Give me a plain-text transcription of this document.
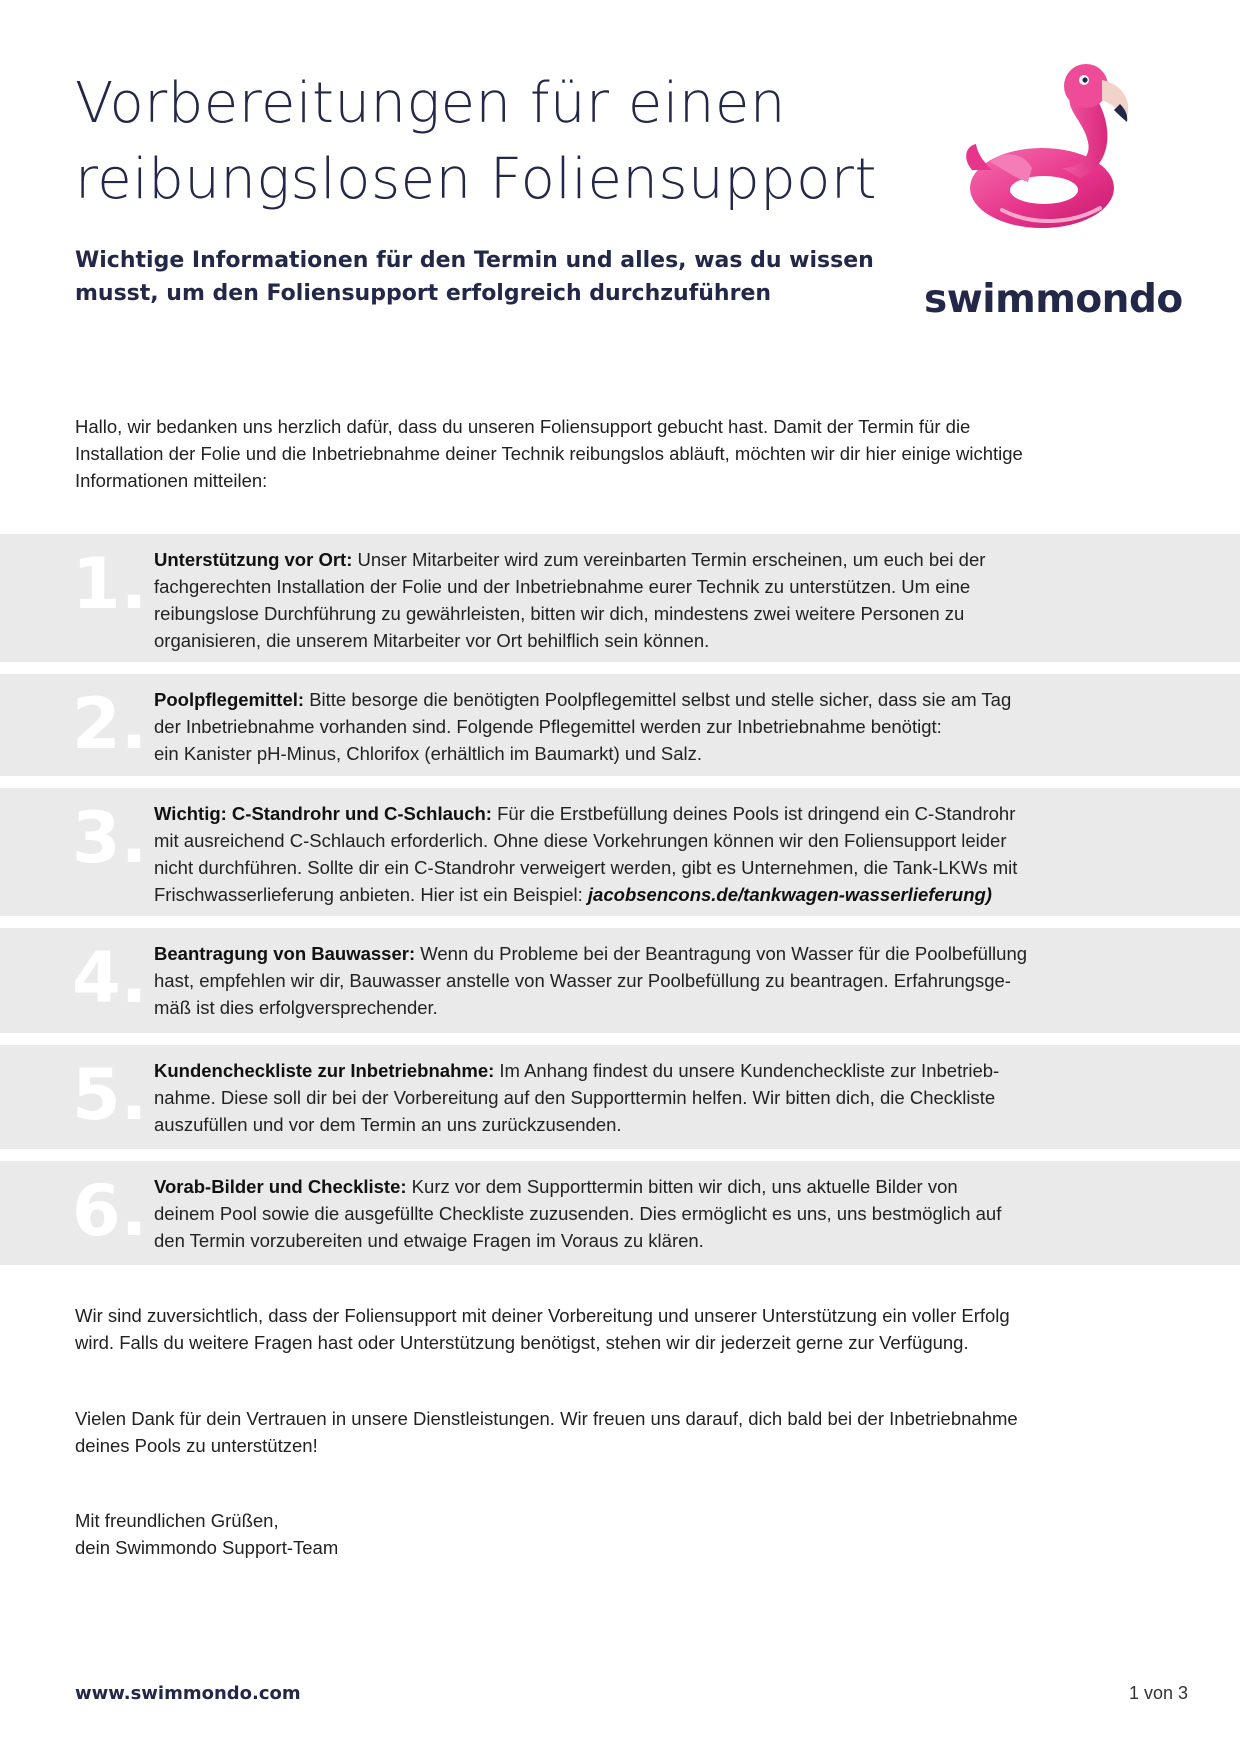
Vorbereitungen für einen
reibungslosen Foliensupport
Wichtige Informationen für den Termin und alles, was du wissen
musst, um den Foliensupport erfolgreich durchzuführen	swimmondo
Hallo, wir bedanken uns herzlich dafür, dass du unseren Foliensupport gebucht hast. Damit der Termin für die
Installation der Folie und die Inbetriebnahme deiner Technik reibungslos abläuft, möchten wir dir hier einige wichtige
Informationen mitteilen:
1. Unterstützung vor Ort: Unser Mitarbeiter wird zum vereinbarten Termin erscheinen, um euch bei der
fachgerechten Installation der Folie und der Inbetriebnahme eurer Technik zu unterstützen. Um eine
reibungslose Durchführung zu gewährleisten, bitten wir dich, mindestens zwei weitere Personen zu
organisieren, die unserem Mitarbeiter vor Ort behilflich sein können.
2. Poolpflegemittel: Bitte besorge die benötigten Poolpflegemittel selbst und stelle sicher, dass sie am Tag
der Inbetriebnahme vorhanden sind. Folgende Pflegemittel werden zur Inbetriebnahme benötigt:
ein Kanister pH-Minus, Chlorifox (erhältlich im Baumarkt) und Salz.
3. Wichtig: C-Standrohr und C-Schlauch: Für die Erstbefüllung deines Pools ist dringend ein C-Standrohr
mit ausreichend C-Schlauch erforderlich. Ohne diese Vorkehrungen können wir den Foliensupport leider
nicht durchführen. Sollte dir ein C-Standrohr verweigert werden, gibt es Unternehmen, die Tank-LKWs mit
Frischwasserlieferung anbieten. Hier ist ein Beispiel: jacobsencons.de/tankwagen-wasserlieferung)
4. Beantragung von Bauwasser: Wenn du Probleme bei der Beantragung von Wasser für die Poolbefüllung
hast, empfehlen wir dir, Bauwasser anstelle von Wasser zur Poolbefüllung zu beantragen. Erfahrungsge-
mäß ist dies erfolgversprechender.
5. Kundencheckliste zur Inbetriebnahme: Im Anhang findest du unsere Kundencheckliste zur Inbetrieb-
nahme. Diese soll dir bei der Vorbereitung auf den Supporttermin helfen. Wir bitten dich, die Checkliste
auszufüllen und vor dem Termin an uns zurückzusenden.
6. Vorab-Bilder und Checkliste: Kurz vor dem Supporttermin bitten wir dich, uns aktuelle Bilder von
deinem Pool sowie die ausgefüllte Checkliste zuzusenden. Dies ermöglicht es uns, uns bestmöglich auf
den Termin vorzubereiten und etwaige Fragen im Voraus zu klären.
Wir sind zuversichtlich, dass der Foliensupport mit deiner Vorbereitung und unserer Unterstützung ein voller Erfolg
wird. Falls du weitere Fragen hast oder Unterstützung benötigst, stehen wir dir jederzeit gerne zur Verfügung.
Vielen Dank für dein Vertrauen in unsere Dienstleistungen. Wir freuen uns darauf, dich bald bei der Inbetriebnahme
deines Pools zu unterstützen!
Mit freundlichen Grüßen,
dein Swimmondo Support-Team
www.swimmondo.com	1 von 3
